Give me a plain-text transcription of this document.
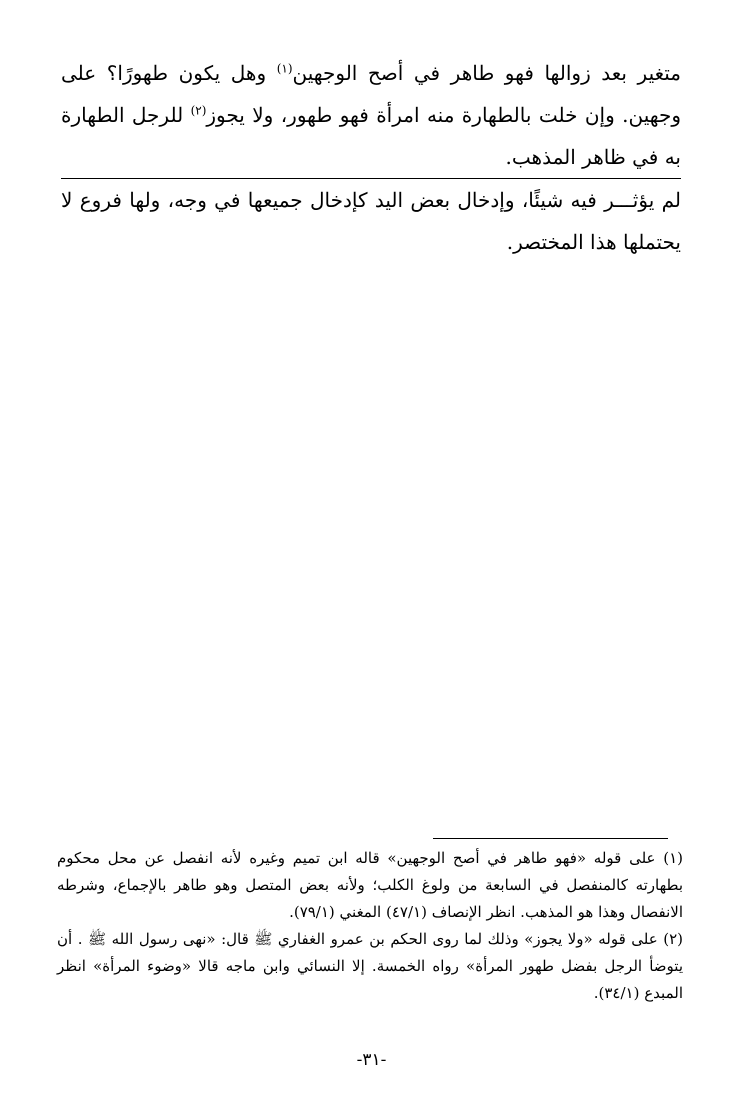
متغير بعد زوالها فهو طاهر في أصح الوجهين$^{(١)}$ وهل يكون طهورًا؟ على وجهين. وإن خلت بالطهارة منه امرأة فهو طهور، ولا يجوز$^{(٢)}$ للرجل الطهارة به في ظاهر المذهب.

لم يؤثـــر فيه شيئًا، وإدخال بعض اليد كإدخال جميعها في وجه، ولها فروع لا يحتملها هذا المختصر.

(١) على قوله «فهو طاهر في أصح الوجهين» قاله ابن تميم وغيره لأنه انفصل عن محل محكوم بطهارته كالمنفصل في السابعة من ولوغ الكلب؛ ولأنه بعض المتصل وهو طاهر بالإجماع، وشرطه الانفصال وهذا هو المذهب. انظر الإنصاف (٤٧/١) المغني (٧٩/١).

(٢) على قوله «ولا يجوز» وذلك لما روى الحكم بن عمرو الغفاري ﷺ قال: «نهى رسول الله ﷺ . أن يتوضأ الرجل بفضل طهور المرأة» رواه الخمسة. إلا النسائي وابن ماجه قالا «وضوء المرأة» انظر المبدع (٣٤/١).

-٣١-
